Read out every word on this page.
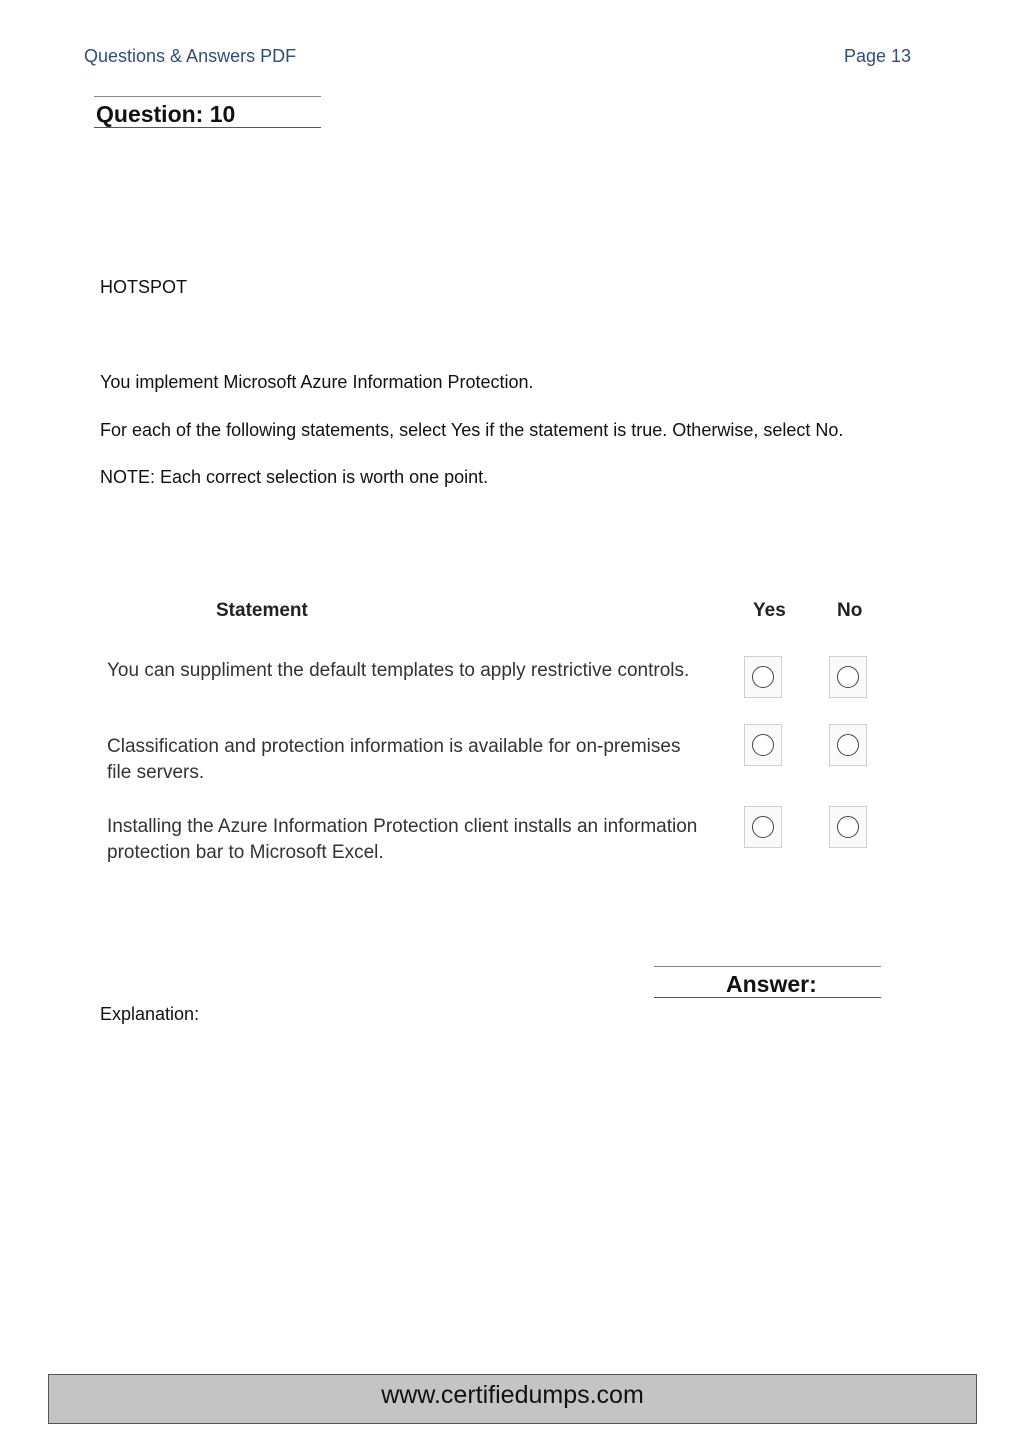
Questions & Answers PDF	Page 13
Question: 10
HOTSPOT
You implement Microsoft Azure Information Protection.
For each of the following statements, select Yes if the statement is true. Otherwise, select No.
NOTE: Each correct selection is worth one point.
Statement	Yes	No
You can suppliment the default templates to apply restrictive controls.
Classification and protection information is available for on-premises
file servers.
Installing the Azure Information Protection client installs an information
protection bar to Microsoft Excel.
Answer:
Explanation:
www.certifiedumps.com
